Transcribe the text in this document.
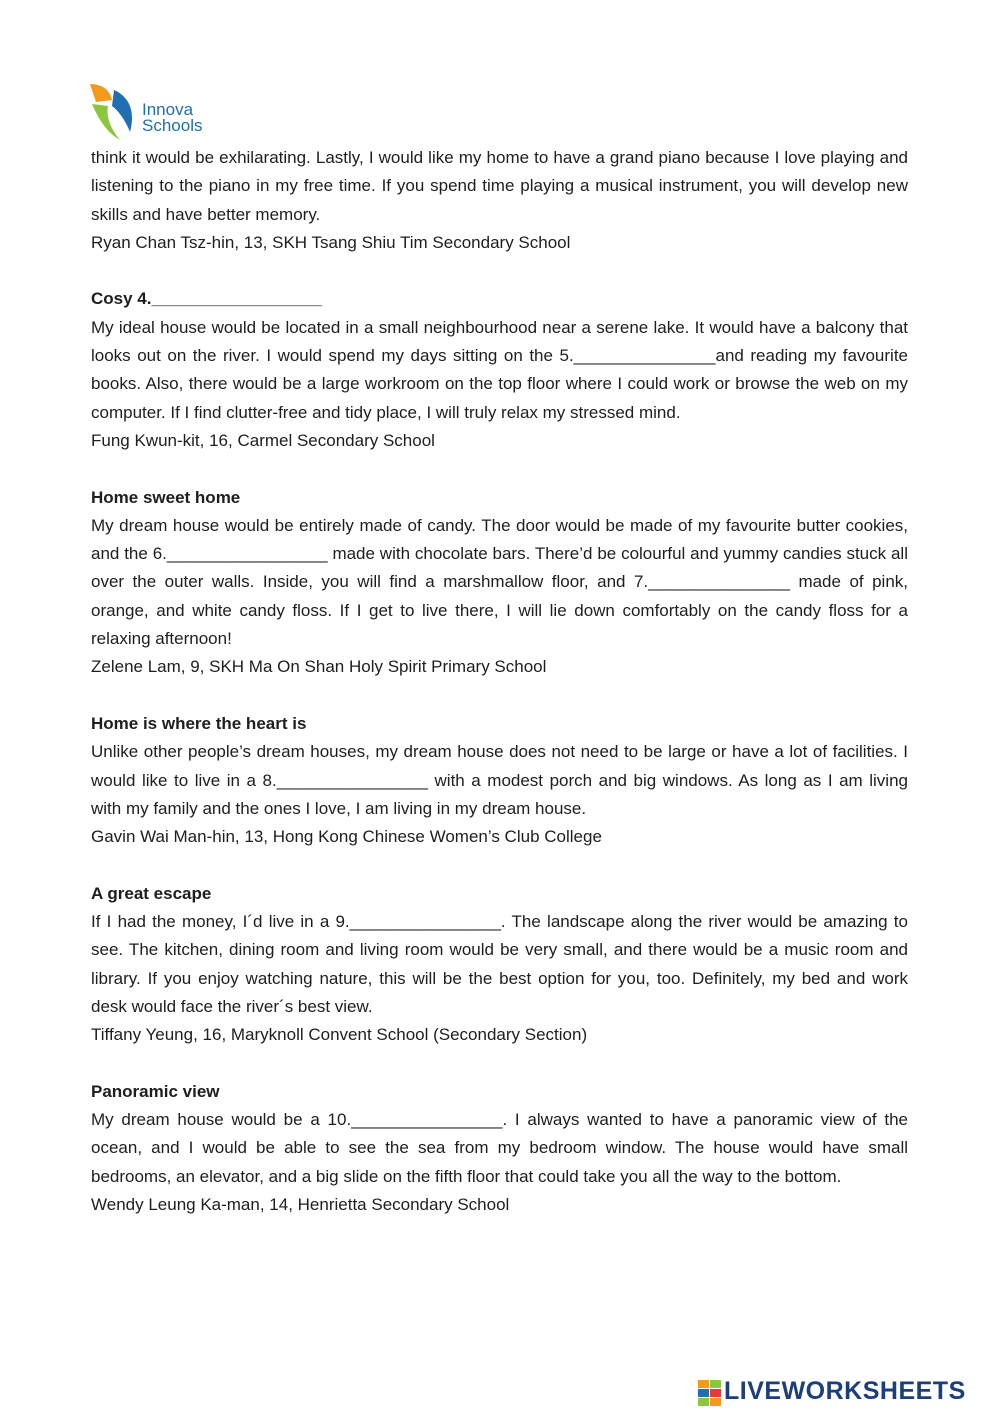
Innova
Schools

think it would be exhilarating. Lastly, I would like my home to have a grand piano because I love playing and listening to the piano in my free time. If you spend time playing a musical instrument, you will develop new skills and have better memory.

Ryan Chan Tsz-hin, 13, SKH Tsang Shiu Tim Secondary School
Cosy 4.__________________

My ideal house would be located in a small neighbourhood near a serene lake. It would have a balcony that looks out on the river. I would spend my days sitting on the 5._______________and reading my favourite books. Also, there would be a large workroom on the top floor where I could work or browse the web on my computer. If I find clutter-free and tidy place, I will truly relax my stressed mind.

Fung Kwun-kit, 16, Carmel Secondary School
Home sweet home

My dream house would be entirely made of candy. The door would be made of my favourite butter cookies, and the 6._________________ made with chocolate bars. There’d be colourful and yummy candies stuck all over the outer walls. Inside, you will find a marshmallow floor, and 7._______________ made of pink, orange, and white candy floss. If I get to live there, I will lie down comfortably on the candy floss for a relaxing afternoon!

Zelene Lam, 9, SKH Ma On Shan Holy Spirit Primary School
Home is where the heart is

Unlike other people’s dream houses, my dream house does not need to be large or have a lot of facilities. I would like to live in a 8.________________ with a modest porch and big windows. As long as I am living with my family and the ones I love, I am living in my dream house.

Gavin Wai Man-hin, 13, Hong Kong Chinese Women’s Club College
A great escape

If I had the money, I´d live in a 9.________________. The landscape along the river would be amazing to see. The kitchen, dining room and living room would be very small, and there would be a music room and library. If you enjoy watching nature, this will be the best option for you, too. Definitely, my bed and work desk would face the river´s best view.

Tiffany Yeung, 16, Maryknoll Convent School (Secondary Section)
Panoramic view

My dream house would be a 10.________________. I always wanted to have a panoramic view of the ocean, and I would be able to see the sea from my bedroom window. The house would have small bedrooms, an elevator, and a big slide on the fifth floor that could take you all the way to the bottom.

Wendy Leung Ka-man, 14, Henrietta Secondary School
LIVEWORKSHEETS
